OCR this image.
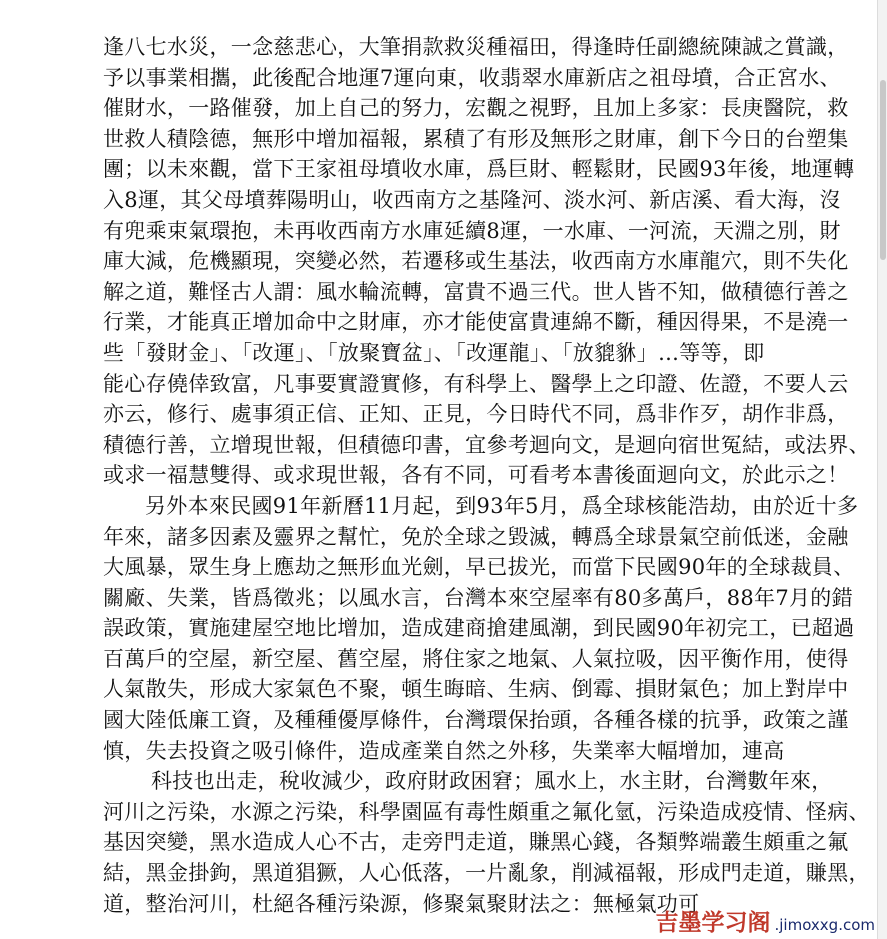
逢八七水災，一念慈悲心，大筆捐款救災種福田，得逢時任副總統陳誠之賞識，
予以事業相攜，此後配合地運7運向東，收翡翠水庫新店之祖母墳，合正宮水、
催財水，一路催發，加上自己的努力，宏觀之視野，且加上多家：長庚醫院，救
世救人積陰德，無形中增加福報，累積了有形及無形之財庫，創下今日的台塑集
團；以未來觀，當下王家祖母墳收水庫，爲巨財、輕鬆財，民國93年後，地運轉
入8運，其父母墳葬陽明山，收西南方之基隆河、淡水河、新店溪、看大海，沒
有兜乘束氣環抱，未再收西南方水庫延續8運，一水庫、一河流，天淵之別，財
庫大減，危機顯現，突變必然，若遷移或生基法，收西南方水庫龍穴，則不失化
解之道，難怪古人謂：風水輪流轉，富貴不過三代。世人皆不知，做積德行善之
行業，才能真正增加命中之財庫，亦才能使富貴連綿不斷，種因得果，不是澆一
些「發財金」、「改運」、「放聚寶盆」、「改運龍」、「放貔貅」…等等，即
能心存僥倖致富，凡事要實證實修，有科學上、醫學上之印證、佐證，不要人云
亦云，修行、處事須正信、正知、正見，今日時代不同，爲非作歹，胡作非爲，
積德行善，立增現世報，但積德印書，宜參考迴向文，是迴向宿世冤結，或法界、
或求一福慧雙得、或求現世報，各有不同，可看考本書後面迴向文，於此示之！
另外本來民國91年新曆11月起，到93年5月，爲全球核能浩劫，由於近十多
年來，諸多因素及靈界之幫忙，免於全球之毀滅，轉爲全球景氣空前低迷，金融
大風暴，眾生身上應劫之無形血光劍，早已拔光，而當下民國90年的全球裁員、
關廠、失業，皆爲徵兆；以風水言，台灣本來空屋率有80多萬戶，88年7月的錯
誤政策，實施建屋空地比增加，造成建商搶建風潮，到民國90年初完工，已超過
百萬戶的空屋，新空屋、舊空屋，將住家之地氣、人氣拉吸，因平衡作用，使得
人氣散失，形成大家氣色不聚，頓生晦暗、生病、倒霉、損財氣色；加上對岸中
國大陸低廉工資，及種種優厚條件，台灣環保抬頭，各種各樣的抗爭，政策之謹
慎，失去投資之吸引條件，造成產業自然之外移，失業率大幅增加，連高
科技也出走，稅收減少，政府財政困窘；風水上，水主財，台灣數年來，
河川之污染，水源之污染，科學園區有毒性頗重之氟化氫，污染造成疫情、怪病、
基因突變，黑水造成人心不古，走旁門走道，賺黑心錢，各類弊端叢生頗重之氟
結，黑金掛鉤，黑道猖獗，人心低落，一片亂象，削減福報，形成門走道，賺黑，
道，整治河川，杜絕各種污染源，修聚氣聚財法之：無極氣功可
吉墨学习阁 .jimoxxg.com
